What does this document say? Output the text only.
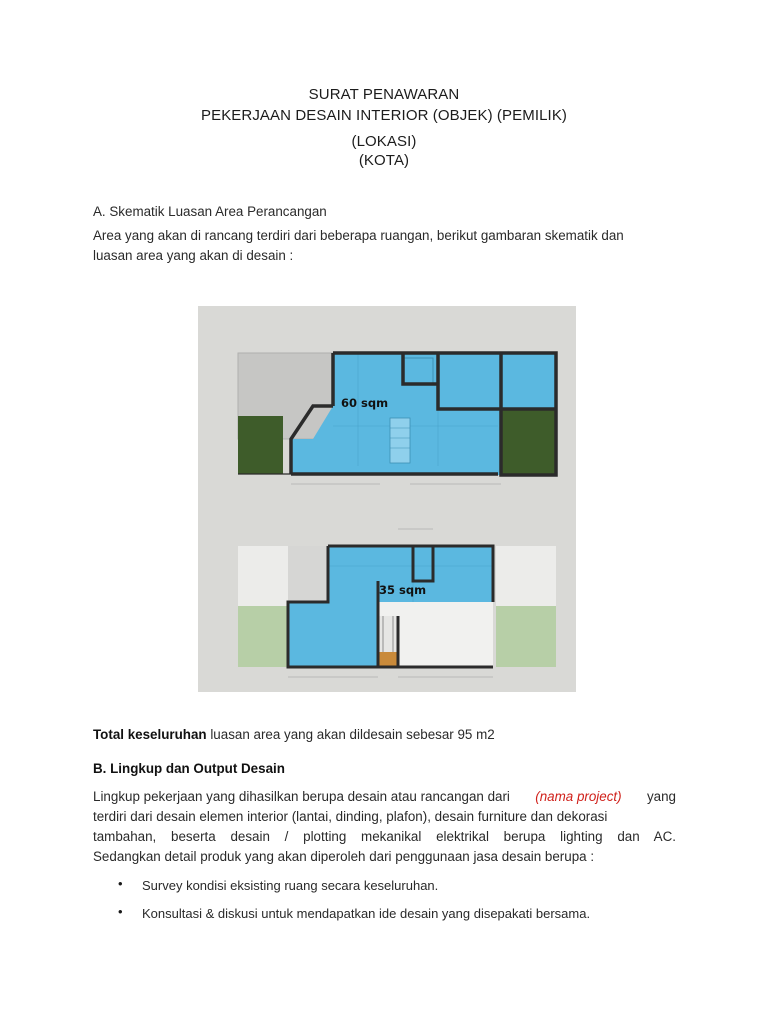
SURAT PENAWARAN
PEKERJAAN DESAIN INTERIOR (OBJEK) (PEMILIK)
(LOKASI)
(KOTA)
A. Skematik Luasan Area Perancangan
Area yang akan di rancang terdiri dari beberapa ruangan, berikut gambaran skematik dan
luasan area yang akan di desain :
60 sqm
35 sqm
Total keseluruhan luasan area yang akan dildesain sebesar 95 m2
B. Lingkup dan Output Desain
Lingkup pekerjaan yang dihasilkan berupa desain atau rancangan dari (nama project) yang
terdiri dari desain elemen interior (lantai, dinding, plafon), desain furniture dan dekorasi
tambahan, beserta desain / plotting mekanikal elektrikal berupa lighting dan AC.
Sedangkan detail produk yang akan diperoleh dari penggunaan jasa desain berupa :
• Survey kondisi eksisting ruang secara keseluruhan.
• Konsultasi & diskusi untuk mendapatkan ide desain yang disepakati bersama.
